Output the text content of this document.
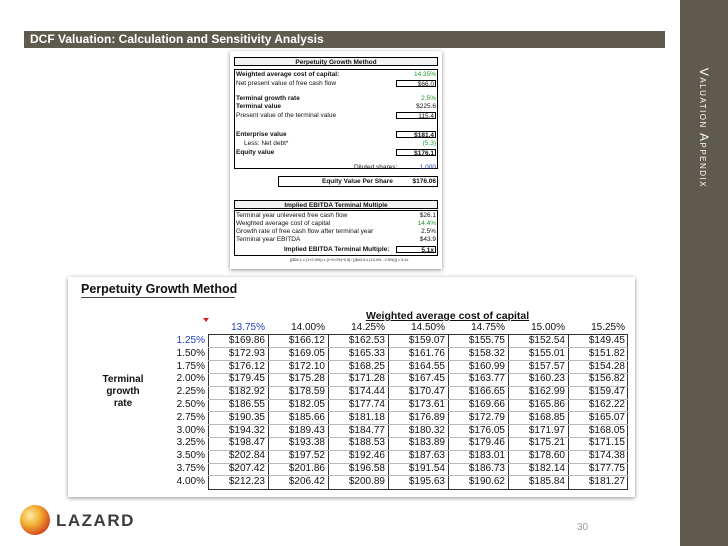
DCF Valuation: Calculation and Sensitivity Analysis
Valuation Appendix
Perpetuity Growth Method
Weighted average cost of capital:	14.35%
Net present value of free cash flow	$66.0
Terminal growth rate	2.5%
Terminal value	$225.6
Present value of the terminal value	115.4
Enterprise value	$181.4
Less: Net debt*	(5.3)
Equity value	$176.1
Diluted shares:	1.000
Equity Value Per Share	$176.06
Implied EBITDA Terminal Multiple
Terminal year unlevered free cash flow	$26.1
Weighted average cost of capital	14.4%
Growth rate of free cash flow after terminal year	2.5%
Terminal year EBITDA	$43.9
Implied EBITDA Terminal Multiple:	5.1x
[($26.1 x (1+2.5%)) x (1+0.0%)^0.5] / [($43.9 x (14.4% - 2.5%))] = 5.1x
Perpetuity Growth Method
Weighted average cost of capital
Terminal
growth
rate
13.75%	14.00%	14.25%	14.50%	14.75%	15.00%	15.25%
1.25%	$169.86	$166.12	$162.53	$159.07	$155.75	$152.54	$149.45
1.50%	$172.93	$169.05	$165.33	$161.76	$158.32	$155.01	$151.82
1.75%	$176.12	$172.10	$168.25	$164.55	$160.99	$157.57	$154.28
2.00%	$179.45	$175.28	$171.28	$167.45	$163.77	$160.23	$156.82
2.25%	$182.92	$178.59	$174.44	$170.47	$166.65	$162.99	$159.47
2.50%	$186.55	$182.05	$177.74	$173.61	$169.66	$165.86	$162.22
2.75%	$190.35	$185.66	$181.18	$176.89	$172.79	$168.85	$165.07
3.00%	$194.32	$189.43	$184.77	$180.32	$176.05	$171.97	$168.05
3.25%	$198.47	$193.38	$188.53	$183.89	$179.46	$175.21	$171.15
3.50%	$202.84	$197.52	$192.46	$187.63	$183.01	$178.60	$174.38
3.75%	$207.42	$201.86	$196.58	$191.54	$186.73	$182.14	$177.75
4.00%	$212.23	$206.42	$200.89	$195.63	$190.62	$185.84	$181.27
LAZARD	30
